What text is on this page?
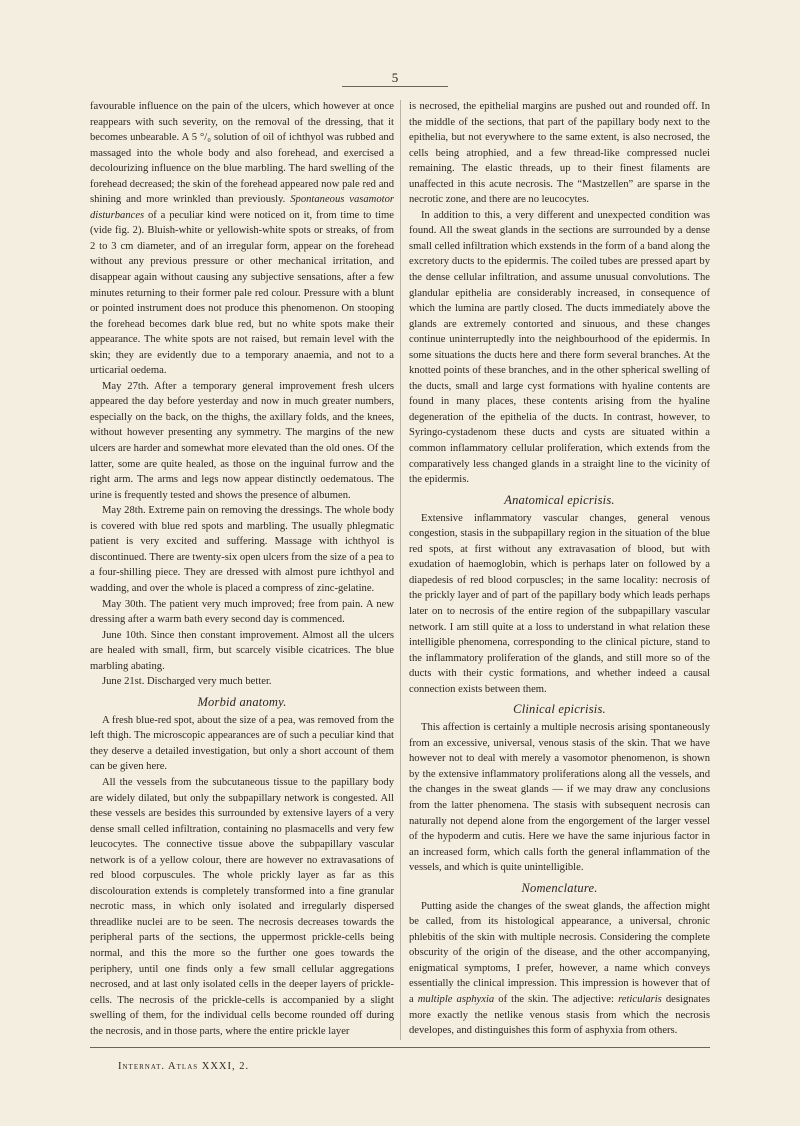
5

favourable influence on the pain of the ulcers, which however at once reappears with such severity, on the removal of the dressing, that it becomes unbearable. A 5 °/₀ solution of oil of ichthyol was rubbed and massaged into the whole body and also forehead, and exercised a decolourizing influence on the blue marbling. The hard swelling of the forehead decreased; the skin of the forehead appeared now pale red and shining and more wrinkled than previously. Spontaneous vasamotor disturbances of a peculiar kind were noticed on it, from time to time (vide fig. 2). Bluish-white or yellowish-white spots or streaks, of from 2 to 3 cm diameter, and of an irregular form, appear on the forehead without any previous pressure or other mechanical irritation, and disappear again without causing any subjective sensations, after a few minutes returning to their former pale red colour. Pressure with a blunt or pointed instrument does not produce this phenomenon. On stooping the forehead becomes dark blue red, but no white spots make their appearance. The white spots are not raised, but remain level with the skin; they are evidently due to a temporary anaemia, and not to a urticarial oedema.

May 27th. After a temporary general improvement fresh ulcers appeared the day before yesterday and now in much greater numbers, especially on the back, on the thighs, the axillary folds, and the knees, without however presenting any symmetry. The margins of the new ulcers are harder and somewhat more elevated than the old ones. Of the latter, some are quite healed, as those on the inguinal furrow and the right arm. The arms and legs now appear distinctly oedematous. The urine is frequently tested and shows the presence of albumen.

May 28th. Extreme pain on removing the dressings. The whole body is covered with blue red spots and marbling. The usually phlegmatic patient is very excited and suffering. Massage with ichthyol is discontinued. There are twenty-six open ulcers from the size of a pea to a four-shilling piece. They are dressed with almost pure ichthyol and wadding, and over the whole is placed a compress of zinc-gelatine.

May 30th. The patient very much improved; free from pain. A new dressing after a warm bath every second day is commenced.

June 10th. Since then constant improvement. Almost all the ulcers are healed with small, firm, but scarcely visible cicatrices. The blue marbling abating.

June 21st. Discharged very much better.

Morbid anatomy.

A fresh blue-red spot, about the size of a pea, was removed from the left thigh. The microscopic appearances are of such a peculiar kind that they deserve a detailed investigation, but only a short account of them can be given here.

All the vessels from the subcutaneous tissue to the papillary body are widely dilated, but only the subpapillary network is congested. All these vessels are besides this surrounded by extensive layers of a very dense small celled infiltration, containing no plasmacells and very few leucocytes. The connective tissue above the subpapillary vascular network is of a yellow colour, there are however no extravasations of red blood corpuscules. The whole prickly layer as far as this discolouration extends is completely transformed into a fine granular necrotic mass, in which only isolated and irregularly dispersed threadlike nuclei are to be seen. The necrosis decreases towards the peripheral parts of the sections, the uppermost prickle-cells being normal, and this the more so the further one goes towards the periphery, until one finds only a few small cellular aggregations necrosed, and at last only isolated cells in the deeper layers of prickle-cells. The necrosis of the prickle-cells is accompanied by a slight swelling of them, for the individual cells become rounded off during the necrosis, and in those parts, where the entire prickle layer

is necrosed, the epithelial margins are pushed out and rounded off. In the middle of the sections, that part of the papillary body next to the epithelia, but not everywhere to the same extent, is also necrosed, the cells being atrophied, and a few thread-like compressed nuclei remaining. The elastic threads, up to their finest filaments are unaffected in this acute necrosis. The “Mastzellen” are sparse in the necrotic zone, and there are no leucocytes.

In addition to this, a very different and unexpected condition was found. All the sweat glands in the sections are surrounded by a dense small celled infiltration which exstends in the form of a band along the excretory ducts to the epidermis. The coiled tubes are pressed apart by the dense cellular infiltration, and assume unusual convolutions. The glandular epithelia are considerably increased, in consequence of which the lumina are partly closed. The ducts immediately above the glands are extremely contorted and sinuous, and these changes continue uninterruptedly into the neighbourhood of the epidermis. In some situations the ducts here and there form several branches. At the knotted points of these branches, and in the other spherical swelling of the ducts, small and large cyst formations with hyaline contents are found in many places, these contents arising from the hyaline degeneration of the epithelia of the ducts. In contrast, however, to Syringo-cystadenom these ducts and cysts are situated within a common inflammatory cellular proliferation, which extends from the comparatively less changed glands in a straight line to the vicinity of the epidermis.

Anatomical epicrisis.

Extensive inflammatory vascular changes, general venous congestion, stasis in the subpapillary region in the situation of the blue red spots, at first without any extravasation of blood, but with exudation of haemoglobin, which is perhaps later on followed by a diapedesis of red blood corpuscles; in the same locality: necrosis of the prickly layer and of part of the papillary body which leads perhaps later on to necrosis of the entire region of the subpapillary vascular network. I am still quite at a loss to understand in what relation these intelligible phenomena, corresponding to the clinical picture, stand to the inflammatory proliferation of the glands, and still more so of the ducts with their cystic formations, and whether indeed a causal connection exists between them.

Clinical epicrisis.

This affection is certainly a multiple necrosis arising spontaneously from an excessive, universal, venous stasis of the skin. That we have however not to deal with merely a vasomotor phenomenon, is shown by the extensive inflammatory proliferations along all the vessels, and the changes in the sweat glands — if we may draw any conclusions from the latter phenomena. The stasis with subsequent necrosis can naturally not depend alone from the engorgement of the larger vessel of the hypoderm and cutis. Here we have the same injurious factor in an increased form, which calls forth the general inflammation of the vessels, and which is quite unintelligible.

Nomenclature.

Putting aside the changes of the sweat glands, the affection might be called, from its histological appearance, a universal, chronic phlebitis of the skin with multiple necrosis. Considering the complete obscurity of the origin of the disease, and the other accompanying, enigmatical symptoms, I prefer, however, a name which conveys essentially the clinical impression. This impression is however that of a multiple asphyxia of the skin. The adjective: reticularis designates more exactly the netlike venous stasis from which the necrosis developes, and distinguishes this form of asphyxia from others.

Internat. Atlas XXXI, 2.
